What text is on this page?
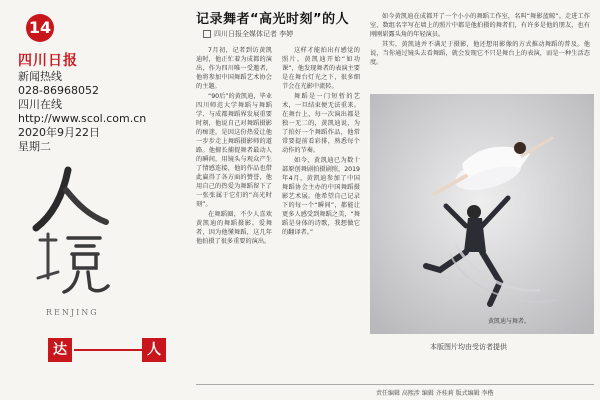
14
四川日报
新闻热线
028-86968052
四川在线
http://www.scol.com.cn
2020年9月22日
星期二
RENJING
达	人
记录舞者“高光时刻”的人
四川日报全媒体记者 李婷

7月初，记者到访黄凯迪时，他正忙着为成都的演出，作为四川唯一受邀者，他将参加中国舞蹈艺术协会的主题。

“90后”的黄凯迪，毕业四川师范大学舞蹈与舞蹈学、与成都舞蹈界发展重要时刻，他说自己对舞蹈摄影的痴迷，是因这份热爱让他一步步走上舞蹈摄影师的道路。他擅长捕捉舞者最动人的瞬间，用镜头与观众产生了情感连接，他的作品也借此赢得了各方面的赞誉，他用自己的热爱为舞蹈留下了一张张属于它们的“高光时刻”。

在舞蹈圈，不少人喜欢黄凯迪的舞蹈摄影。爱舞者，因为他懂舞蹈，这几年他拍摄了很多重要的演出。

这样才能拍出有感觉的照片，黄凯迪开始“如功课”，他发现舞者的表演主要是在舞台灯光之下，很多细节会在光影中流转。

舞蹈是一门短暂的艺术，一旦结束便无法重来。在舞台上，每一次演出都是独一无二的，黄凯迪说，为了拍好一个舞蹈作品，他常常要提前看彩排，熟悉每个动作的节奏。

如今，黄凯迪已为数十部原创舞剧拍摄剧照，2019年4月，黄凯迪参加了中国舞蹈协会主办的中国舞蹈摄影艺术展。他希望自己记录下的每一个“瞬间”，都能让更多人感受到舞蹈之美，“舞蹈是身体的诗歌，我想做它的翻译者。”

如今黄凯迪在成都开了一个小小的舞蹈工作室，名叫“舞影蓝鲸”。走进工作室，数组名字写在墙上的照片中都是他拍摄的舞者们，有许多是他的朋友，也有刚刚崭露头角的年轻演员。

其实，黄凯迪并不满足于摄影，他还想用影像的方式推动舞蹈的普及。他说，当你通过镜头去看舞蹈，就会发现它不只是舞台上的表演，而是一种生活态度。

黄凯迪与舞者。
本版图片均由受访者提供
责任编辑 高熙涉 编辑 齐桂莉 版式编辑 李楷
